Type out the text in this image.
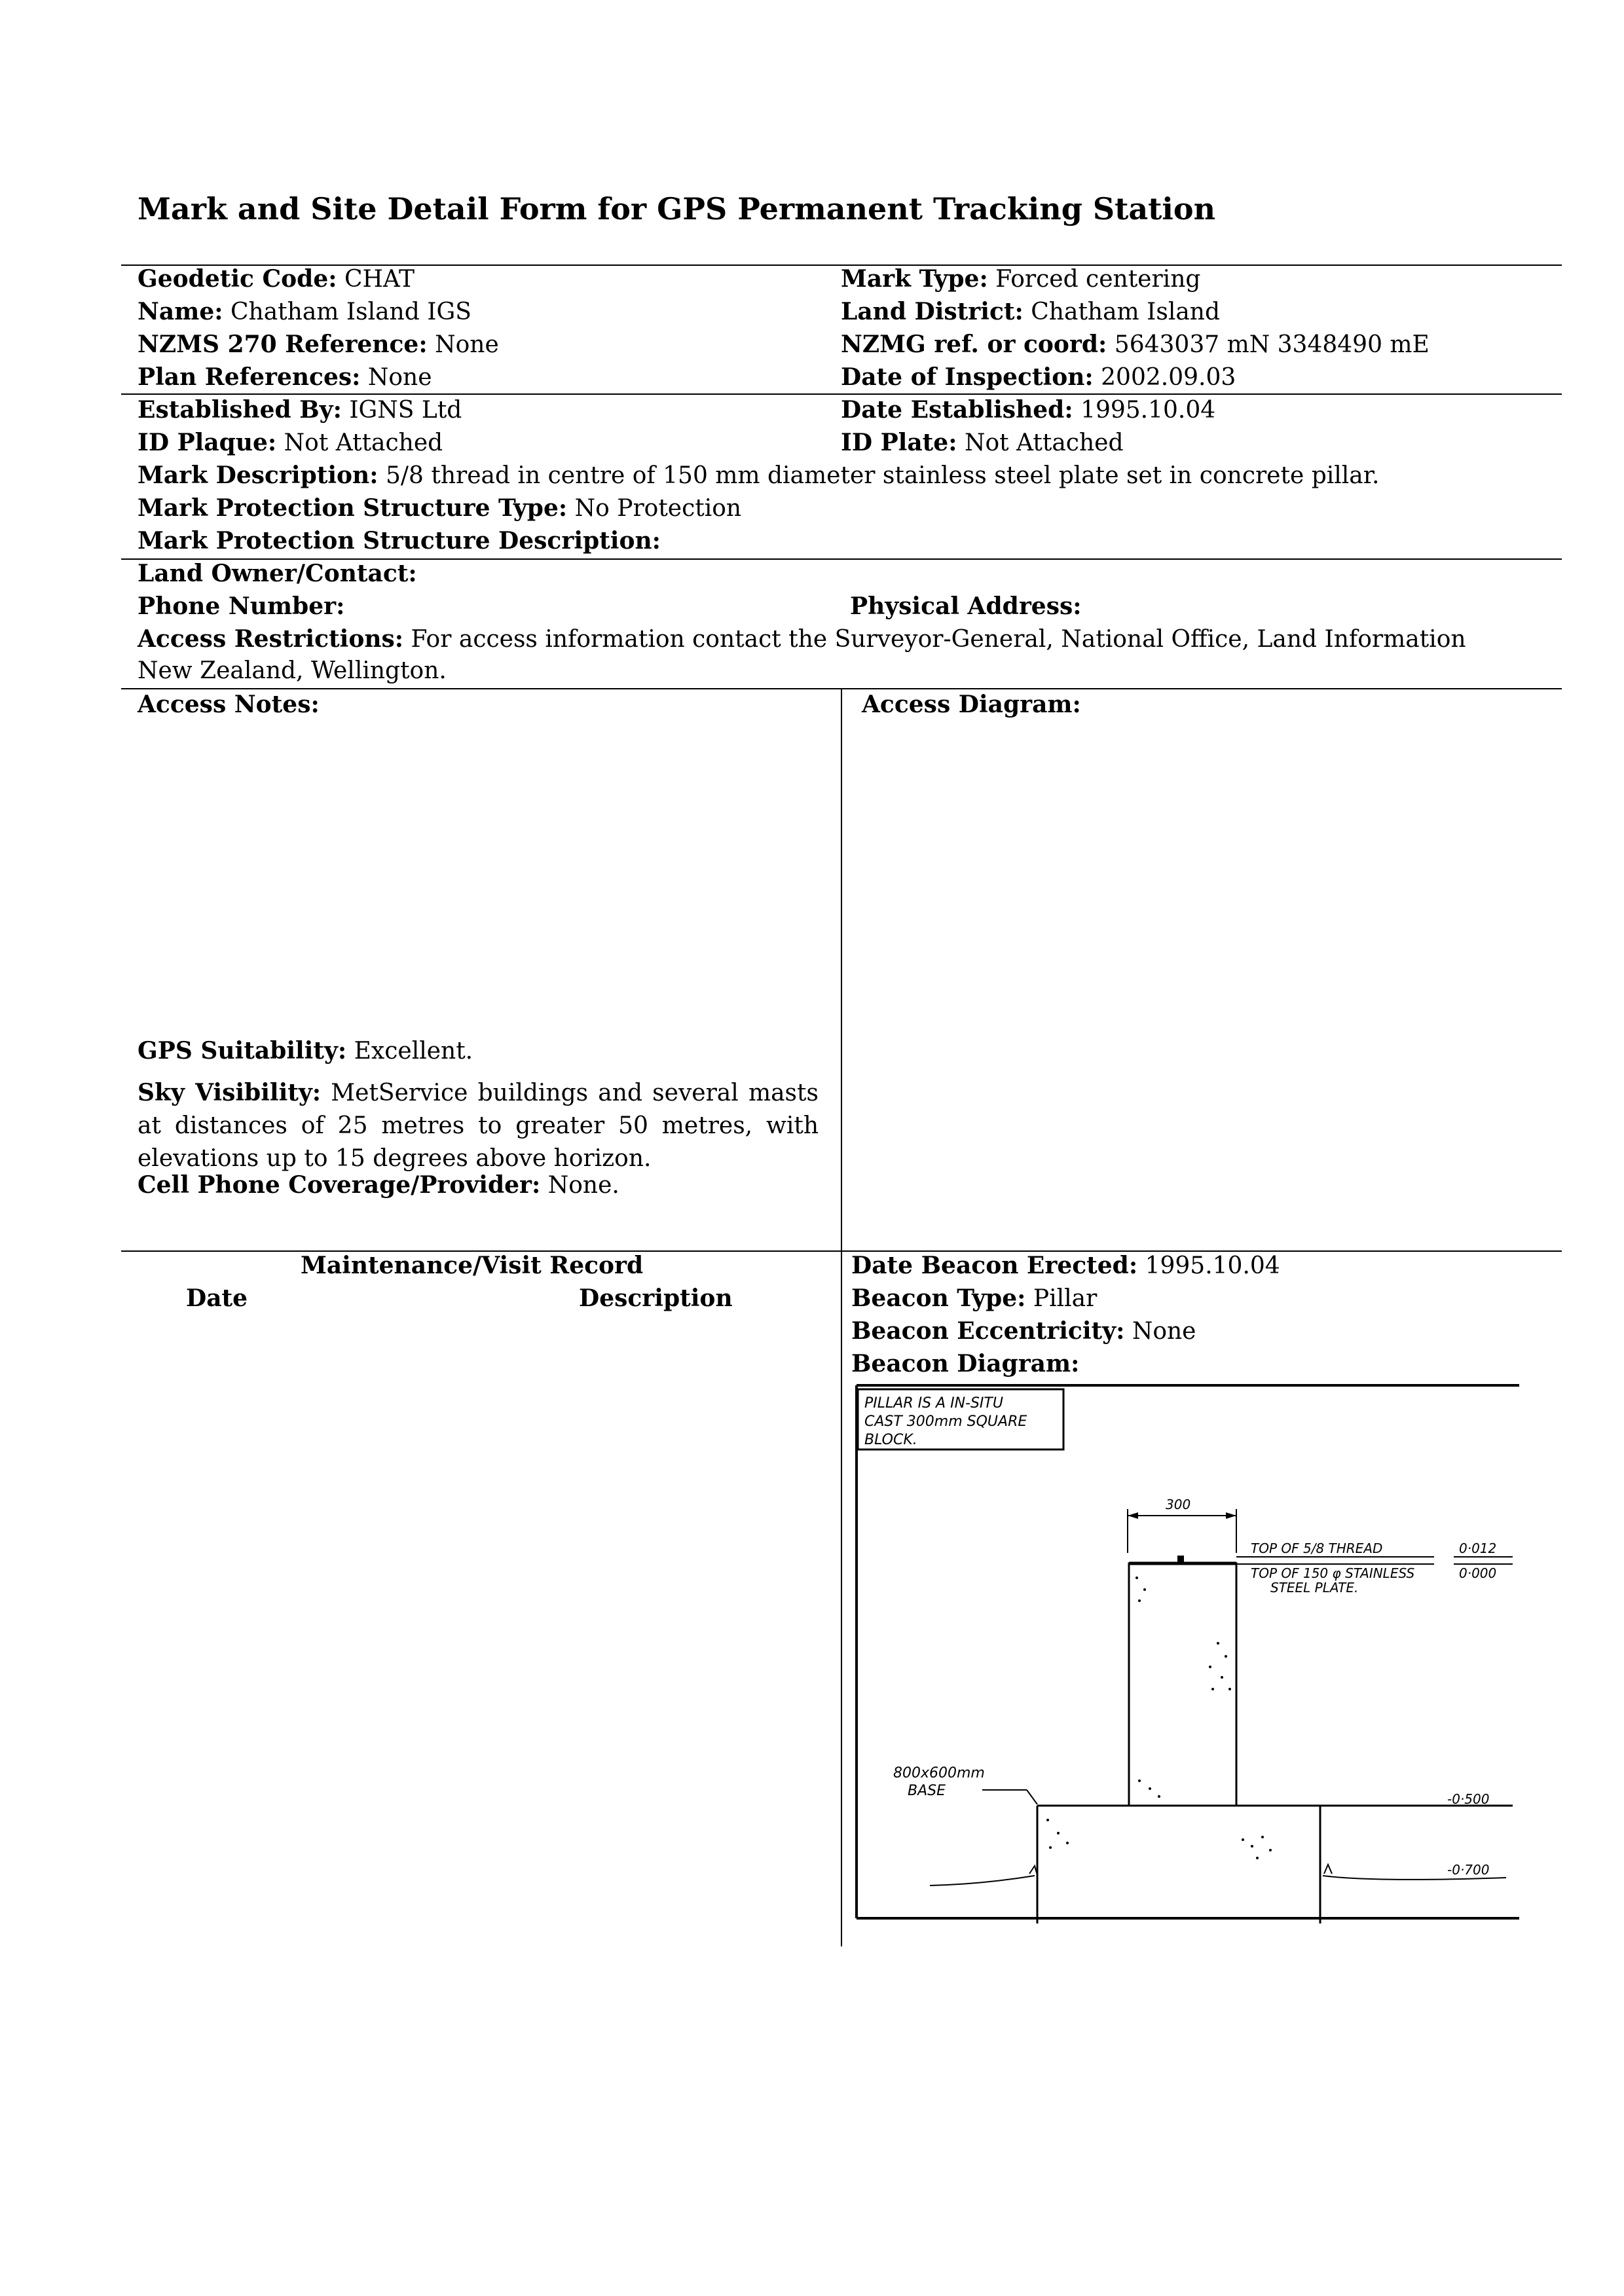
Mark and Site Detail Form for GPS Permanent Tracking Station
Geodetic Code: CHAT	Mark Type: Forced centering
Name: Chatham Island IGS	Land District: Chatham Island
NZMS 270 Reference: None	NZMG ref. or coord: 5643037 mN 3348490 mE
Plan References: None	Date of Inspection: 2002.09.03
Established By: IGNS Ltd	Date Established: 1995.10.04
ID Plaque: Not Attached	ID Plate: Not Attached
Mark Description: 5/8 thread in centre of 150 mm diameter stainless steel plate set in concrete pillar.
Mark Protection Structure Type: No Protection
Mark Protection Structure Description:
Land Owner/Contact:
Phone Number:	Physical Address:
Access Restrictions: For access information contact the Surveyor-General, National Office, Land Information New Zealand, Wellington.
Access Notes:	Access Diagram:
GPS Suitability: Excellent.
Sky Visibility: MetService buildings and several masts at distances of 25 metres to greater 50 metres, with elevations up to 15 degrees above horizon.
Cell Phone Coverage/Provider: None.
Maintenance/Visit Record
Date	Description
Date Beacon Erected: 1995.10.04
Beacon Type: Pillar
Beacon Eccentricity: None
Beacon Diagram:
PILLAR IS A IN-SITU
CAST 300mm SQUARE
BLOCK.
300
TOP OF 5/8 THREAD
TOP OF 150 φ STAINLESS
STEEL PLATE.
0·012
0·000
800x600mm
BASE	-0·500
-0·700
